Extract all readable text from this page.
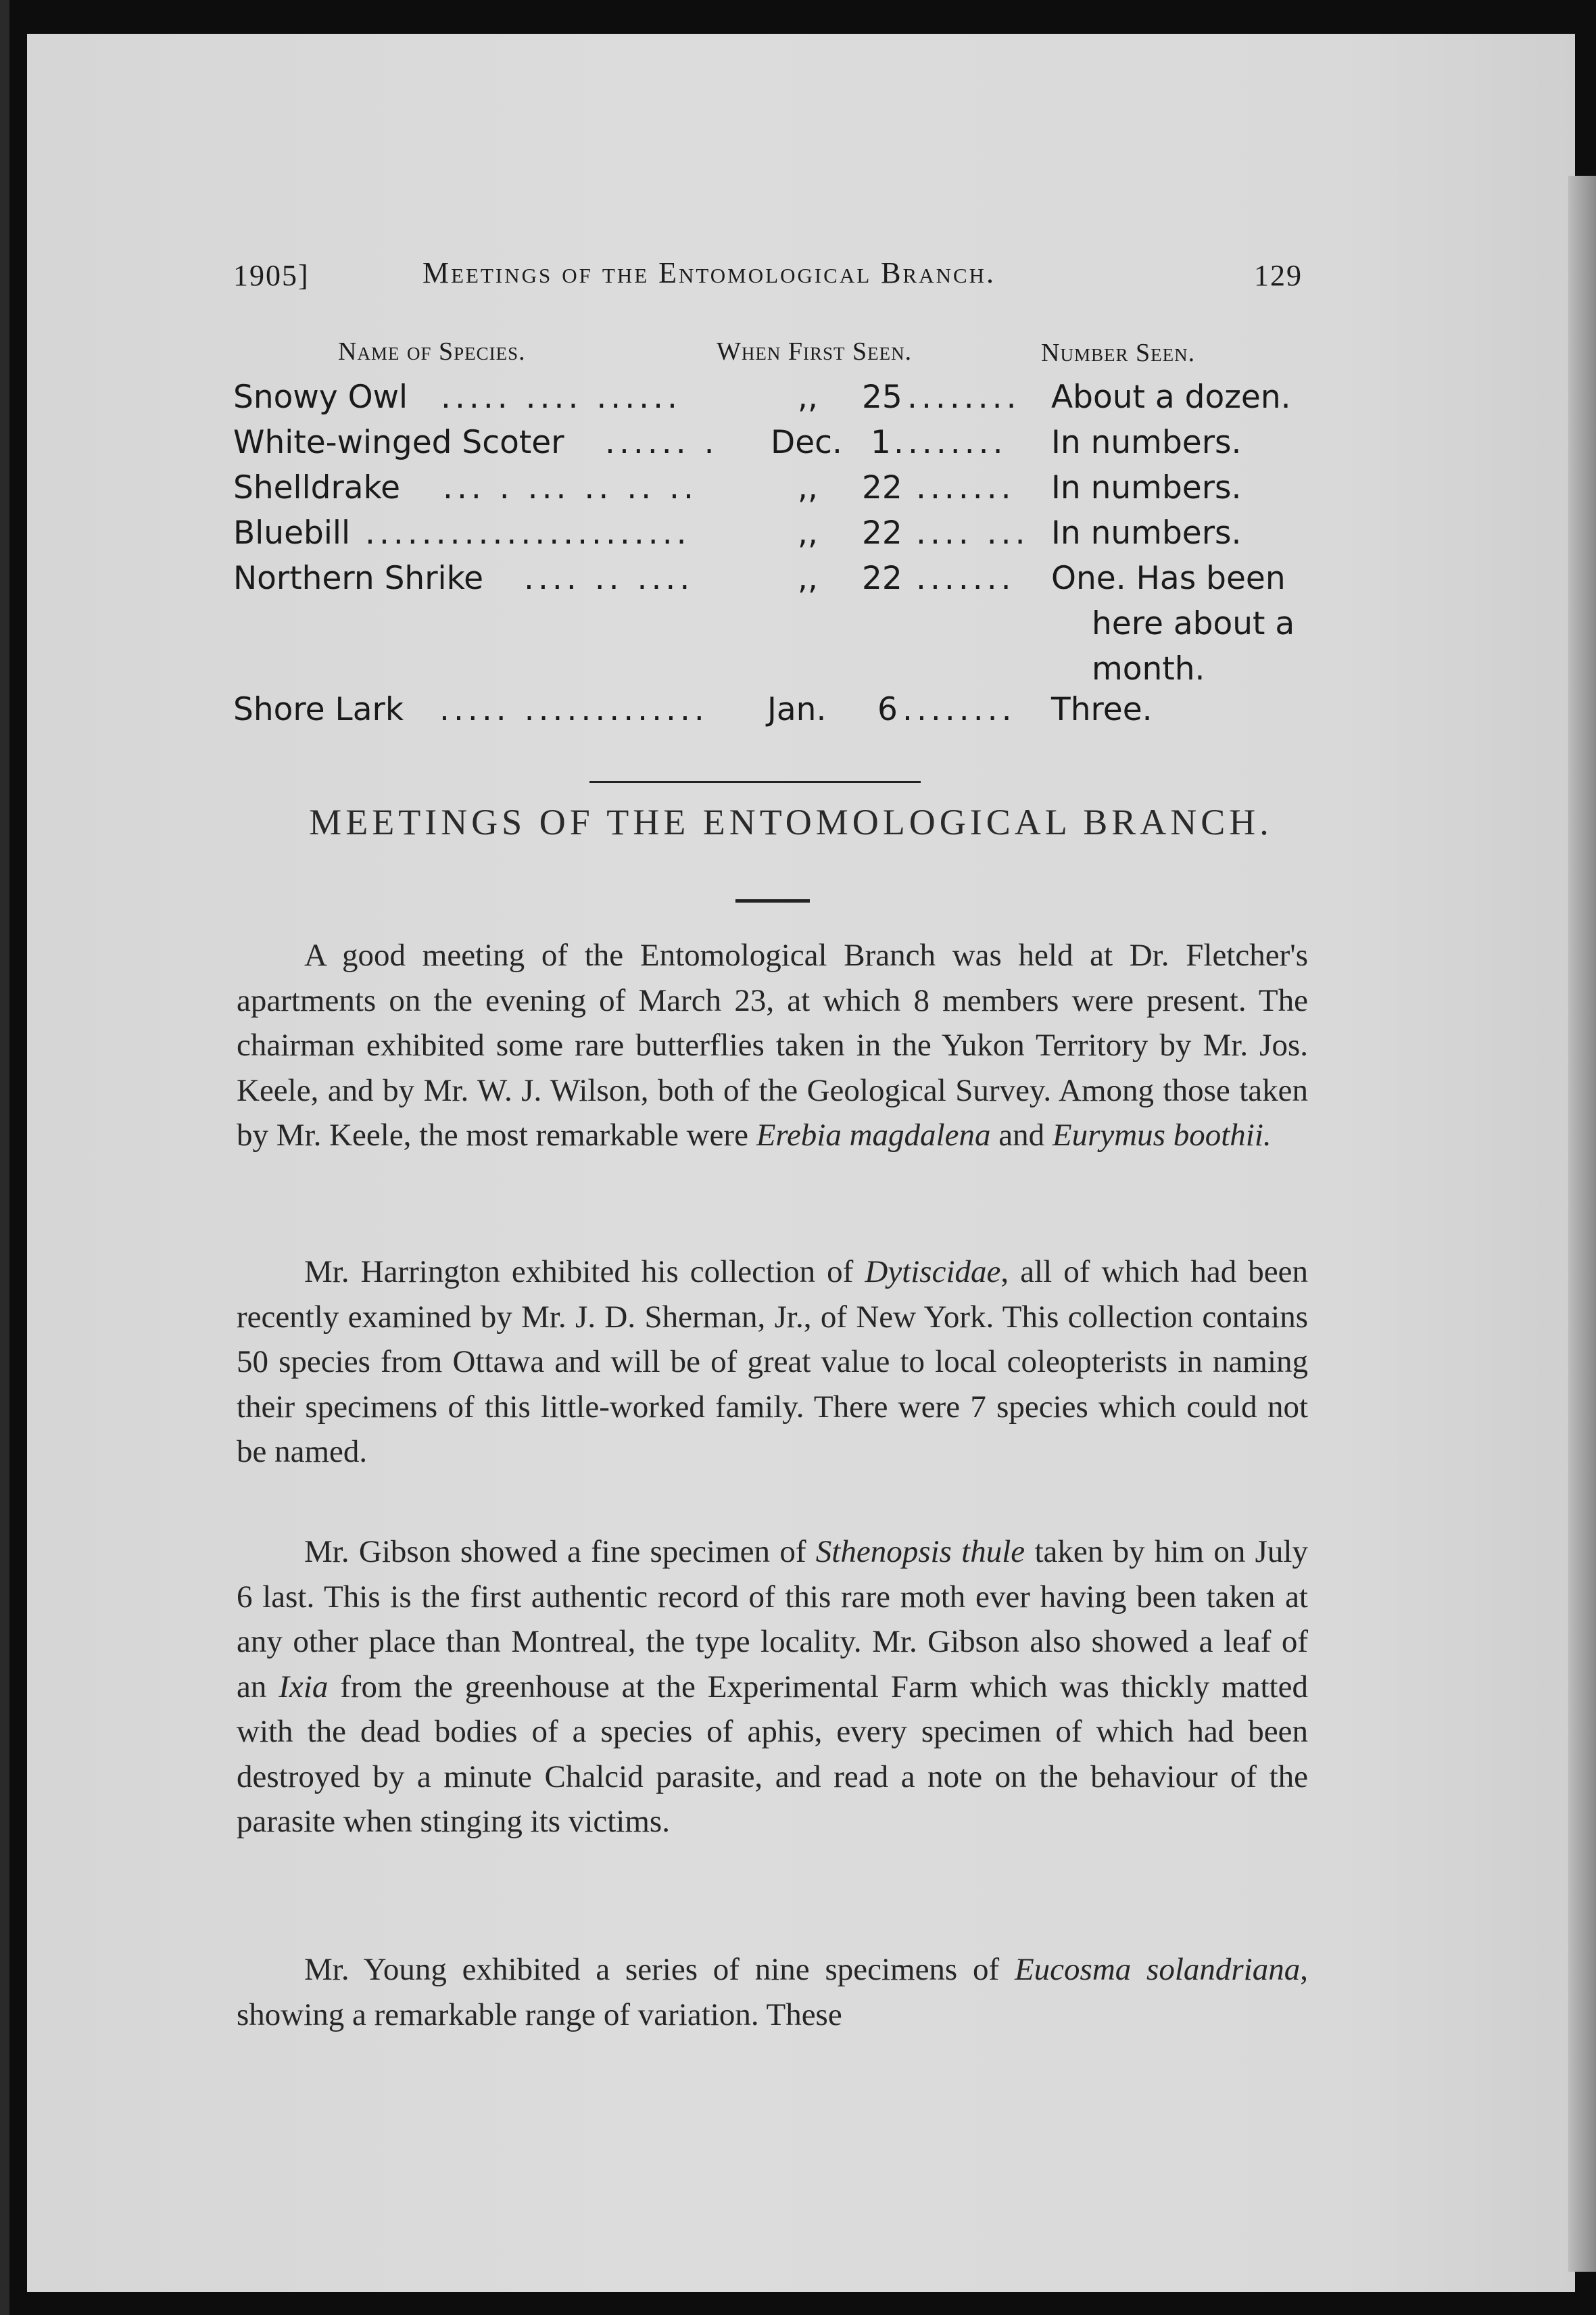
1905]	Meetings of the Entomological Branch.	129
Name of Species.	When First Seen.	Number Seen.
Snowy Owl ..... .... ......	,, 25 ........ About a dozen.
White-winged Scoter ...... . Dec. 1 ........ In numbers.
Shelldrake ... . ... .. .. ..	,, 22 ....... In numbers.
Bluebill .......................	,, 22 .... ... In numbers.
Northern Shrike .... .. ....	,, 22 ....... One. Has been
here about a
month.
Shore Lark ..... ............. Jan. 6 ........ Three.
MEETINGS OF THE ENTOMOLOGICAL BRANCH.
A good meeting of the Entomological Branch was held at Dr. Fletcher's apartments on the evening of March 23, at which 8 members were present. The chairman exhibited some rare butterflies taken in the Yukon Territory by Mr. Jos. Keele, and by Mr. W. J. Wilson, both of the Geological Survey. Among those taken by Mr. Keele, the most remarkable were Erebia magdalena and Eurymus boothii.
Mr. Harrington exhibited his collection of Dytiscidae, all of which had been recently examined by Mr. J. D. Sherman, Jr., of New York. This collection contains 50 species from Ottawa and will be of great value to local coleopterists in naming their specimens of this little-worked family. There were 7 species which could not be named.
Mr. Gibson showed a fine specimen of Sthenopsis thule taken by him on July 6 last. This is the first authentic record of this rare moth ever having been taken at any other place than Montreal, the type locality. Mr. Gibson also showed a leaf of an Ixia from the greenhouse at the Experimental Farm which was thickly matted with the dead bodies of a species of aphis, every specimen of which had been destroyed by a minute Chalcid parasite, and read a note on the behaviour of the parasite when stinging its victims.
Mr. Young exhibited a series of nine specimens of Eucosma solandriana, showing a remarkable range of variation. These
